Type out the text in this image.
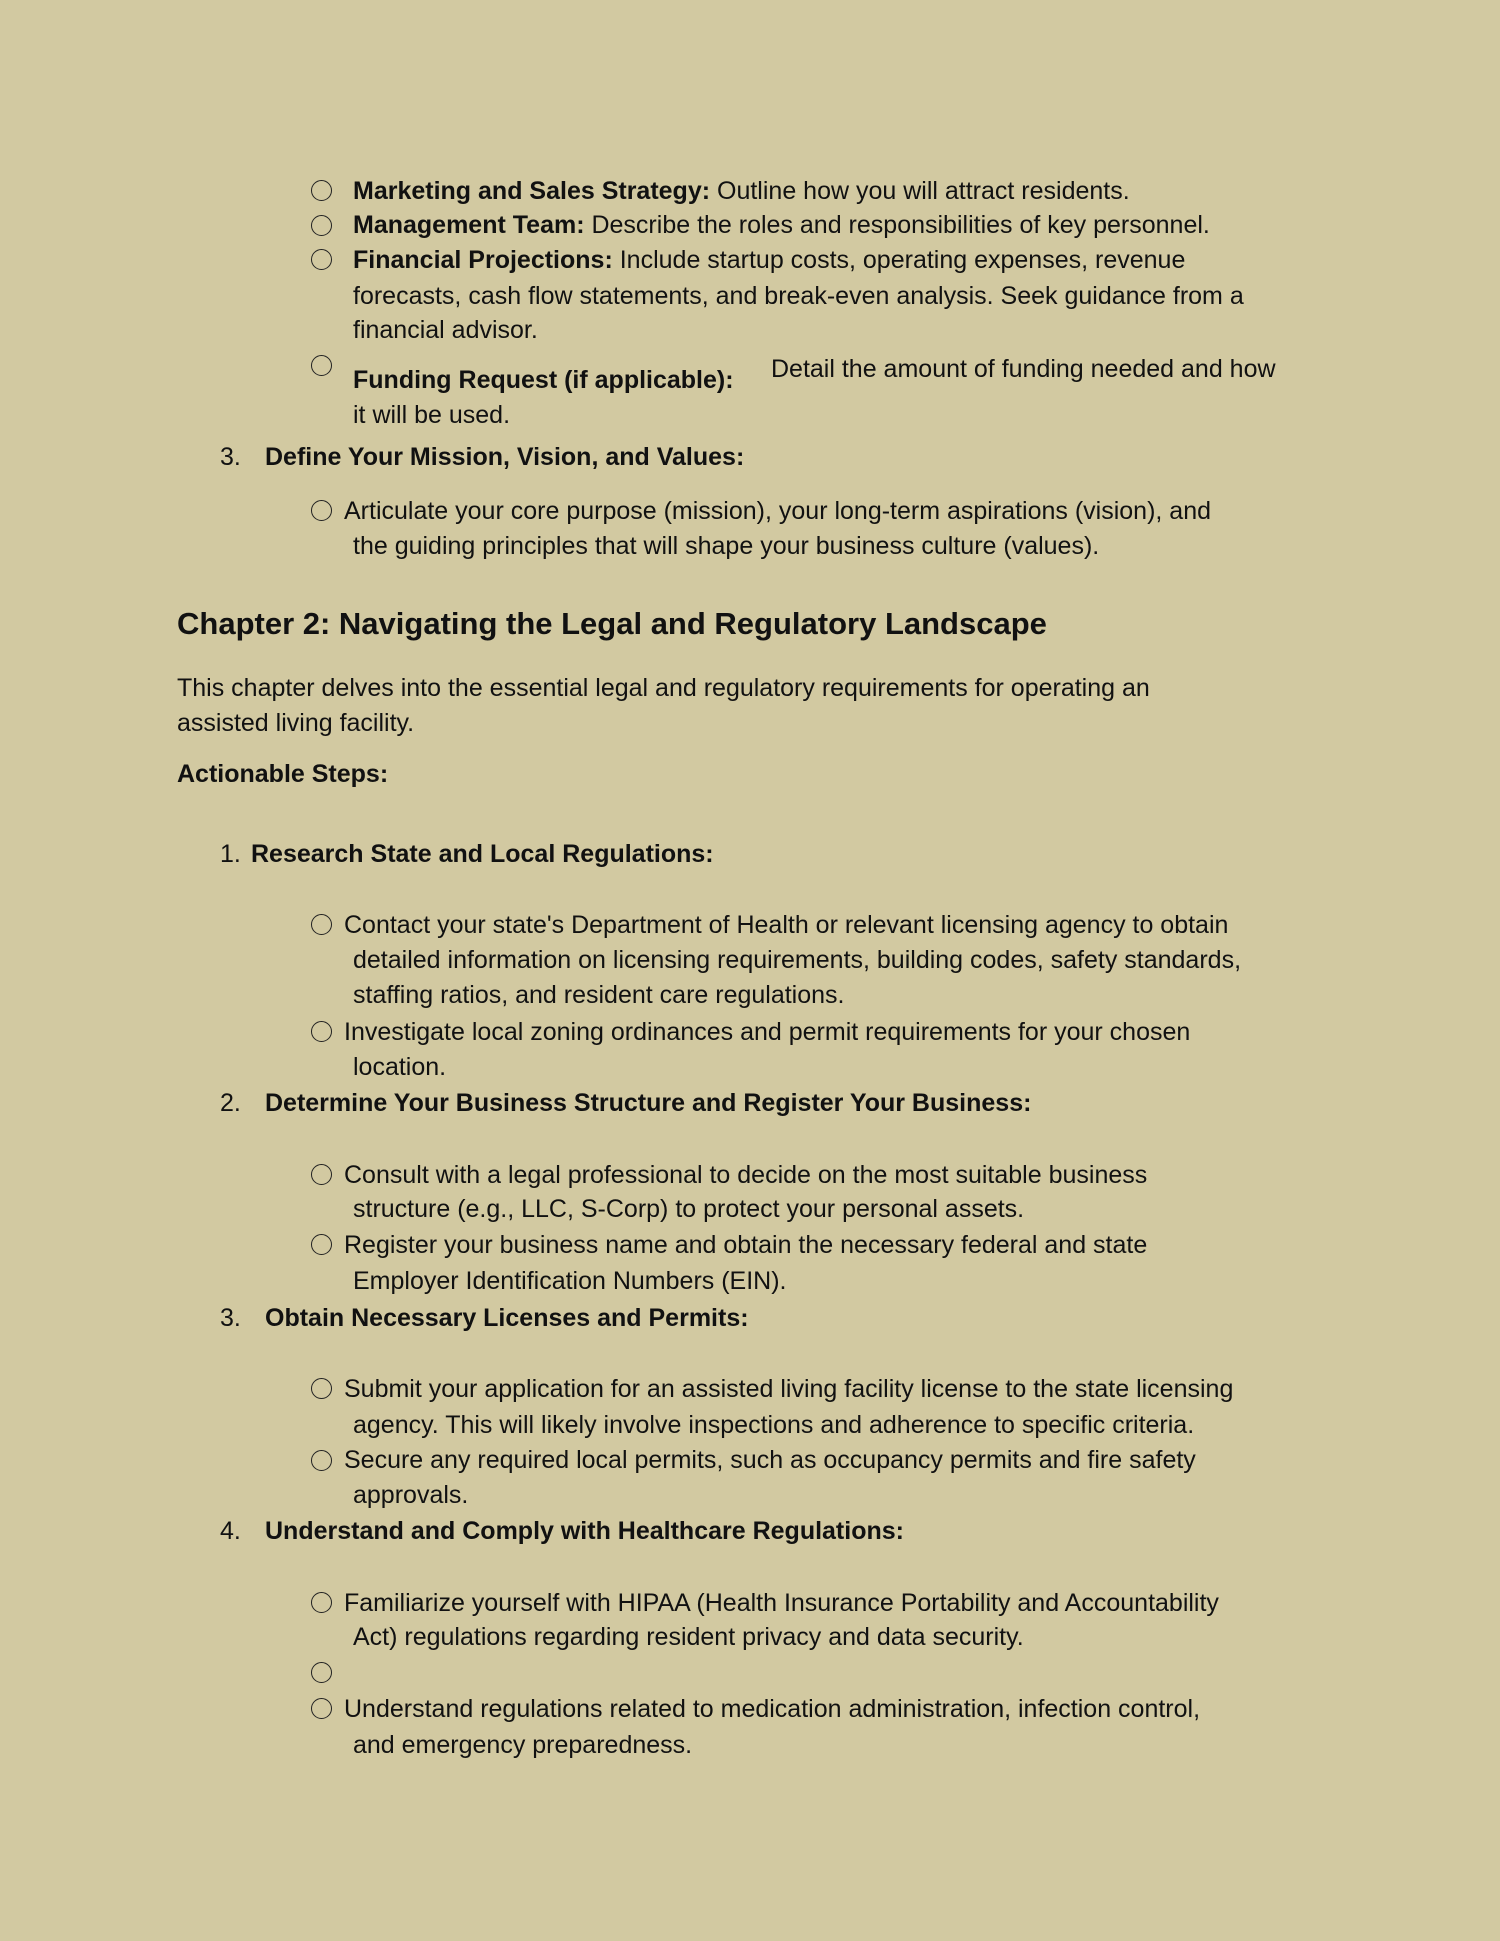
Marketing and Sales Strategy: Outline how you will attract residents.
Management Team: Describe the roles and responsibilities of key personnel.
Financial Projections: Include startup costs, operating expenses, revenue
forecasts, cash flow statements, and break-even analysis. Seek guidance from a
financial advisor.
Funding Request (if applicable): Detail the amount of funding needed and how
it will be used.
3. Define Your Mission, Vision, and Values:
Articulate your core purpose (mission), your long-term aspirations (vision), and
the guiding principles that will shape your business culture (values).
Chapter 2: Navigating the Legal and Regulatory Landscape
This chapter delves into the essential legal and regulatory requirements for operating an
assisted living facility.
Actionable Steps:
1. Research State and Local Regulations:
Contact your state's Department of Health or relevant licensing agency to obtain
detailed information on licensing requirements, building codes, safety standards,
staffing ratios, and resident care regulations.
Investigate local zoning ordinances and permit requirements for your chosen
location.
2. Determine Your Business Structure and Register Your Business:
Consult with a legal professional to decide on the most suitable business
structure (e.g., LLC, S-Corp) to protect your personal assets.
Register your business name and obtain the necessary federal and state
Employer Identification Numbers (EIN).
3. Obtain Necessary Licenses and Permits:
Submit your application for an assisted living facility license to the state licensing
agency. This will likely involve inspections and adherence to specific criteria.
Secure any required local permits, such as occupancy permits and fire safety
approvals.
4. Understand and Comply with Healthcare Regulations:
Familiarize yourself with HIPAA (Health Insurance Portability and Accountability
Act) regulations regarding resident privacy and data security.
Understand regulations related to medication administration, infection control,
and emergency preparedness.
